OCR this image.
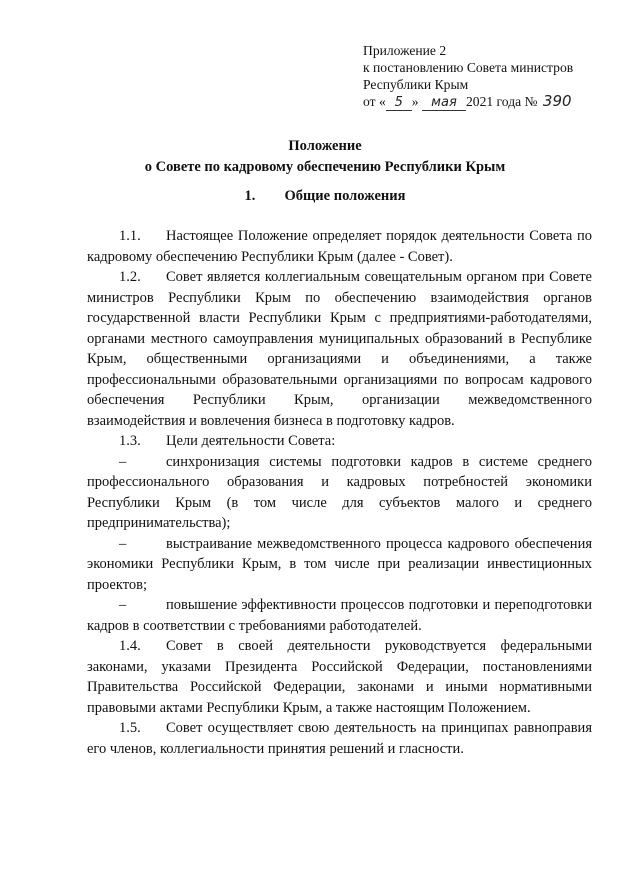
Приложение 2
к постановлению Совета министров
Республики Крым
от « 5 » мая 2021 года № 390
Положение
о Совете по кадровому обеспечению Республики Крым
1. Общие положения

1.1. Настоящее Положение определяет порядок деятельности Совета по кадровому обеспечению Республики Крым (далее - Совет).

1.2. Совет является коллегиальным совещательным органом при Совете министров Республики Крым по обеспечению взаимодействия органов государственной власти Республики Крым с предприятиями-работодателями, органами местного самоуправления муниципальных образований в Республике Крым, общественными организациями и объединениями, а также профессиональными образовательными организациями по вопросам кадрового обеспечения Республики Крым, организации межведомственного взаимодействия и вовлечения бизнеса в подготовку кадров.

1.3. Цели деятельности Совета:

–	синхронизация системы подготовки кадров в системе среднего профессионального образования и кадровых потребностей экономики Республики Крым (в том числе для субъектов малого и среднего предпринимательства);

–	выстраивание межведомственного процесса кадрового обеспечения экономики Республики Крым, в том числе при реализации инвестиционных проектов;

–	повышение эффективности процессов подготовки и переподготовки кадров в соответствии с требованиями работодателей.

1.4. Совет в своей деятельности руководствуется федеральными законами, указами Президента Российской Федерации, постановлениями Правительства Российской Федерации, законами и иными нормативными правовыми актами Республики Крым, а также настоящим Положением.

1.5. Совет осуществляет свою деятельность на принципах равноправия его членов, коллегиальности принятия решений и гласности.
